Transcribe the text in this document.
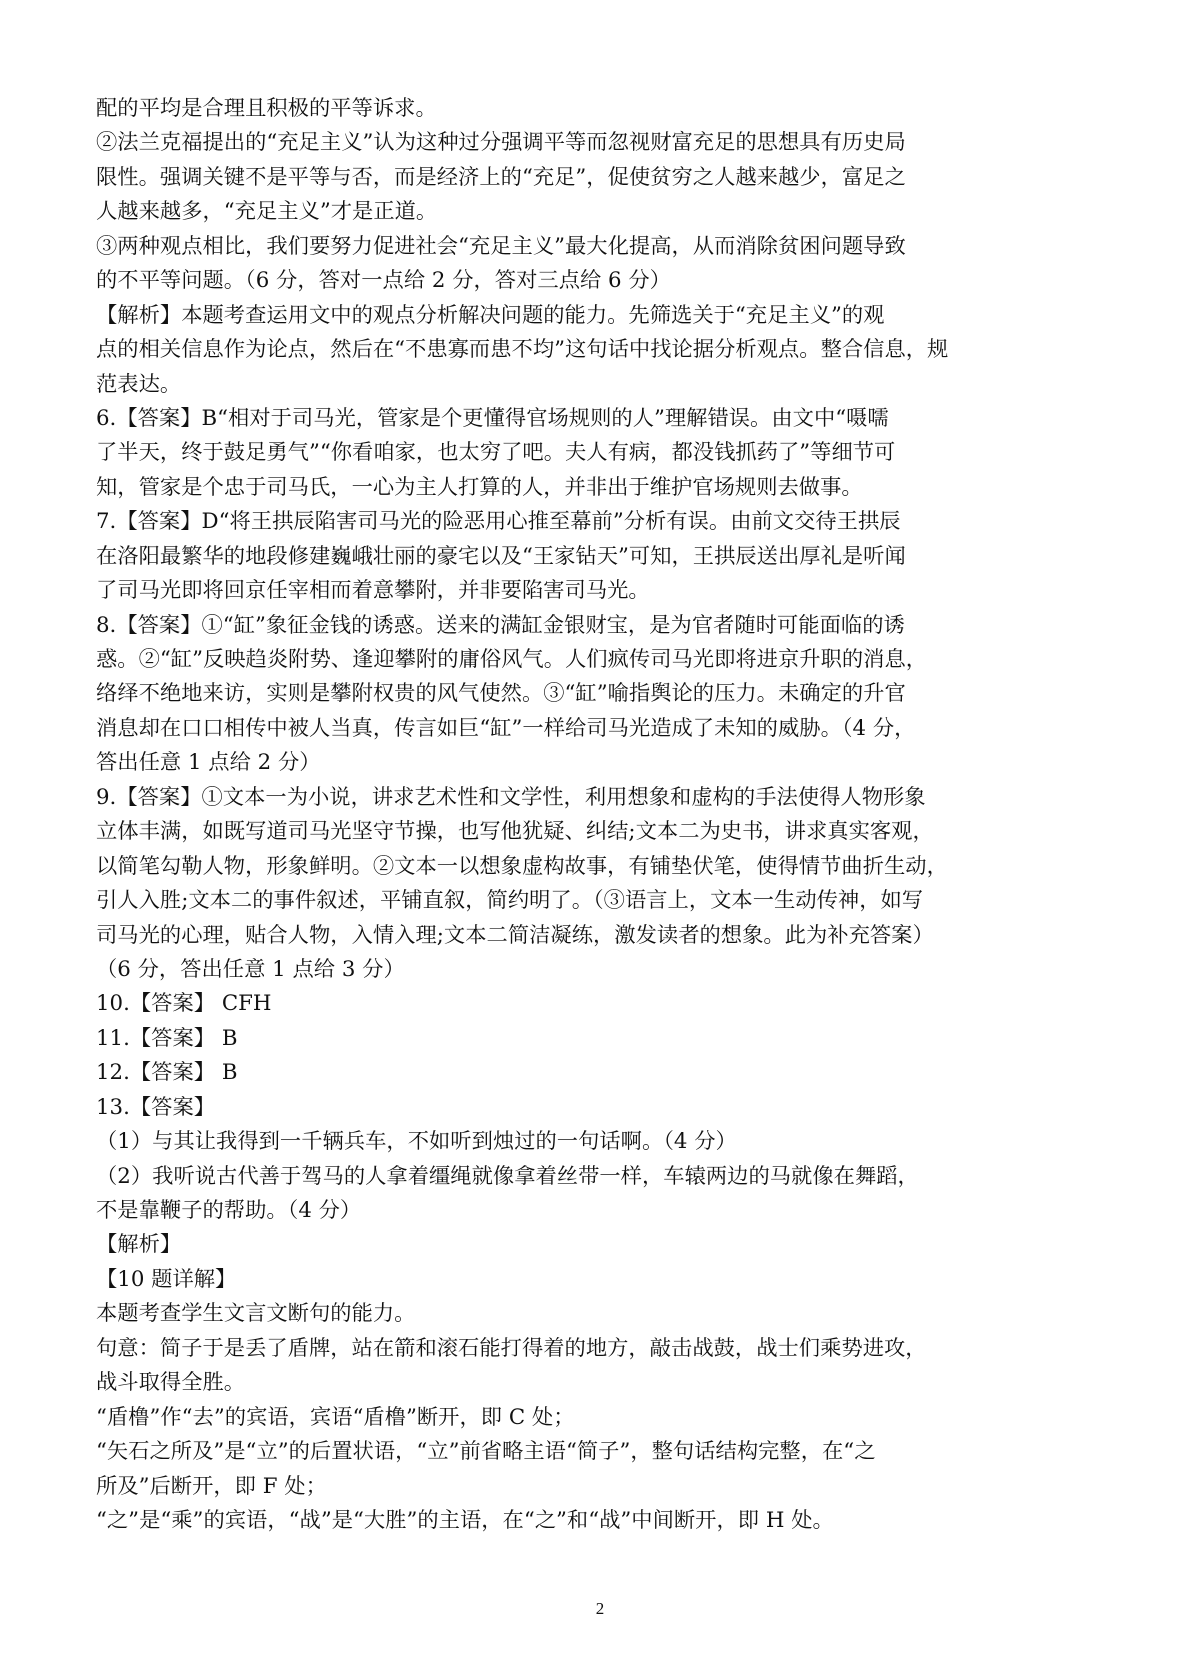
配的平均是合理且积极的平等诉求。
②法兰克福提出的“充足主义”认为这种过分强调平等而忽视财富充足的思想具有历史局
限性。强调关键不是平等与否，而是经济上的“充足”，促使贫穷之人越来越少，富足之
人越来越多，“充足主义”才是正道。
③两种观点相比，我们要努力促进社会“充足主义”最大化提高，从而消除贫困问题导致
的不平等问题。（6 分，答对一点给 2 分，答对三点给 6 分）
【解析】本题考查运用文中的观点分析解决问题的能力。先筛选关于“充足主义”的观
点的相关信息作为论点，然后在“不患寡而患不均”这句话中找论据分析观点。整合信息，规
范表达。
6.【答案】B“相对于司马光，管家是个更懂得官场规则的人”理解错误。由文中“嗫嚅
了半天，终于鼓足勇气”“你看咱家，也太穷了吧。夫人有病，都没钱抓药了”等细节可
知，管家是个忠于司马氏，一心为主人打算的人，并非出于维护官场规则去做事。
7.【答案】D“将王拱辰陷害司马光的险恶用心推至幕前”分析有误。由前文交待王拱辰
在洛阳最繁华的地段修建巍峨壮丽的豪宅以及“王家钻天”可知，王拱辰送出厚礼是听闻
了司马光即将回京任宰相而着意攀附，并非要陷害司马光。
8.【答案】①“缸”象征金钱的诱惑。送来的满缸金银财宝，是为官者随时可能面临的诱
惑。②“缸”反映趋炎附势、逢迎攀附的庸俗风气。人们疯传司马光即将进京升职的消息，
络绎不绝地来访，实则是攀附权贵的风气使然。③“缸”喻指舆论的压力。未确定的升官
消息却在口口相传中被人当真，传言如巨“缸”一样给司马光造成了未知的威胁。（4 分，
答出任意 1 点给 2 分）
9.【答案】①文本一为小说，讲求艺术性和文学性，利用想象和虚构的手法使得人物形象
立体丰满，如既写道司马光坚守节操，也写他犹疑、纠结;文本二为史书，讲求真实客观，
以简笔勾勒人物，形象鲜明。②文本一以想象虚构故事，有铺垫伏笔，使得情节曲折生动，
引人入胜;文本二的事件叙述，平铺直叙，简约明了。（③语言上，文本一生动传神，如写
司马光的心理，贴合人物，入情入理;文本二简洁凝练，激发读者的想象。此为补充答案）
（6 分，答出任意 1 点给 3 分）
10.【答案】 CFH
11.【答案】 B
12.【答案】 B
13.【答案】
（1）与其让我得到一千辆兵车，不如听到烛过的一句话啊。（4 分）
（2）我听说古代善于驾马的人拿着缰绳就像拿着丝带一样，车辕两边的马就像在舞蹈，
不是靠鞭子的帮助。（4 分）
【解析】
【10 题详解】
本题考查学生文言文断句的能力。
句意：简子于是丢了盾牌，站在箭和滚石能打得着的地方，敲击战鼓，战士们乘势进攻，
战斗取得全胜。
“盾橹”作“去”的宾语，宾语“盾橹”断开，即 C 处；
“矢石之所及”是“立”的后置状语，“立”前省略主语“简子”，整句话结构完整，在“之
所及”后断开，即 F 处；
“之”是“乘”的宾语，“战”是“大胜”的主语，在“之”和“战”中间断开，即 H 处。
2
